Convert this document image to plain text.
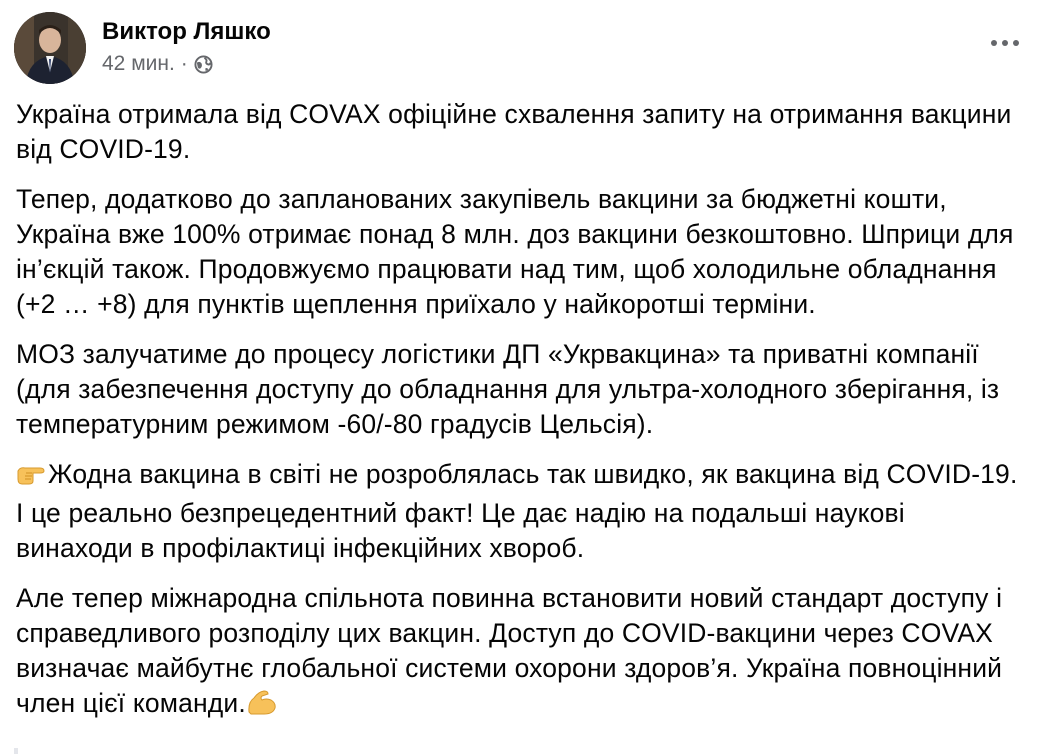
Виктор Ляшко
42 мин. ·

Україна отримала від COVAX офіційне схвалення запиту на отримання вакцини від COVID-19.

Тепер, додатково до запланованих закупівель вакцини за бюджетні кошти, Україна вже 100% отримає понад 8 млн. доз вакцини безкоштовно. Шприци для ін’єкцій також. Продовжуємо працювати над тим, щоб холодильне обладнання (+2 … +8) для пунктів щеплення приїхало у найкоротші терміни.

МОЗ залучатиме до процесу логістики ДП «Укрвакцина» та приватні компанії (для забезпечення доступу до обладнання для ультра-холодного зберігання, із температурним режимом -60/-80 градусів Цельсія).

Жодна вакцина в світі не розроблялась так швидко, як вакцина від COVID-19. І це реально безпрецедентний факт! Це дає надію на подальші наукові винаходи в профілактиці інфекційних хвороб.

Але тепер міжнародна спільнота повинна встановити новий стандарт доступу і справедливого розподілу цих вакцин. Доступ до COVID-вакцини через COVAX визначає майбутнє глобальної системи охорони здоров’я. Україна повноцінний член цієї команди.
